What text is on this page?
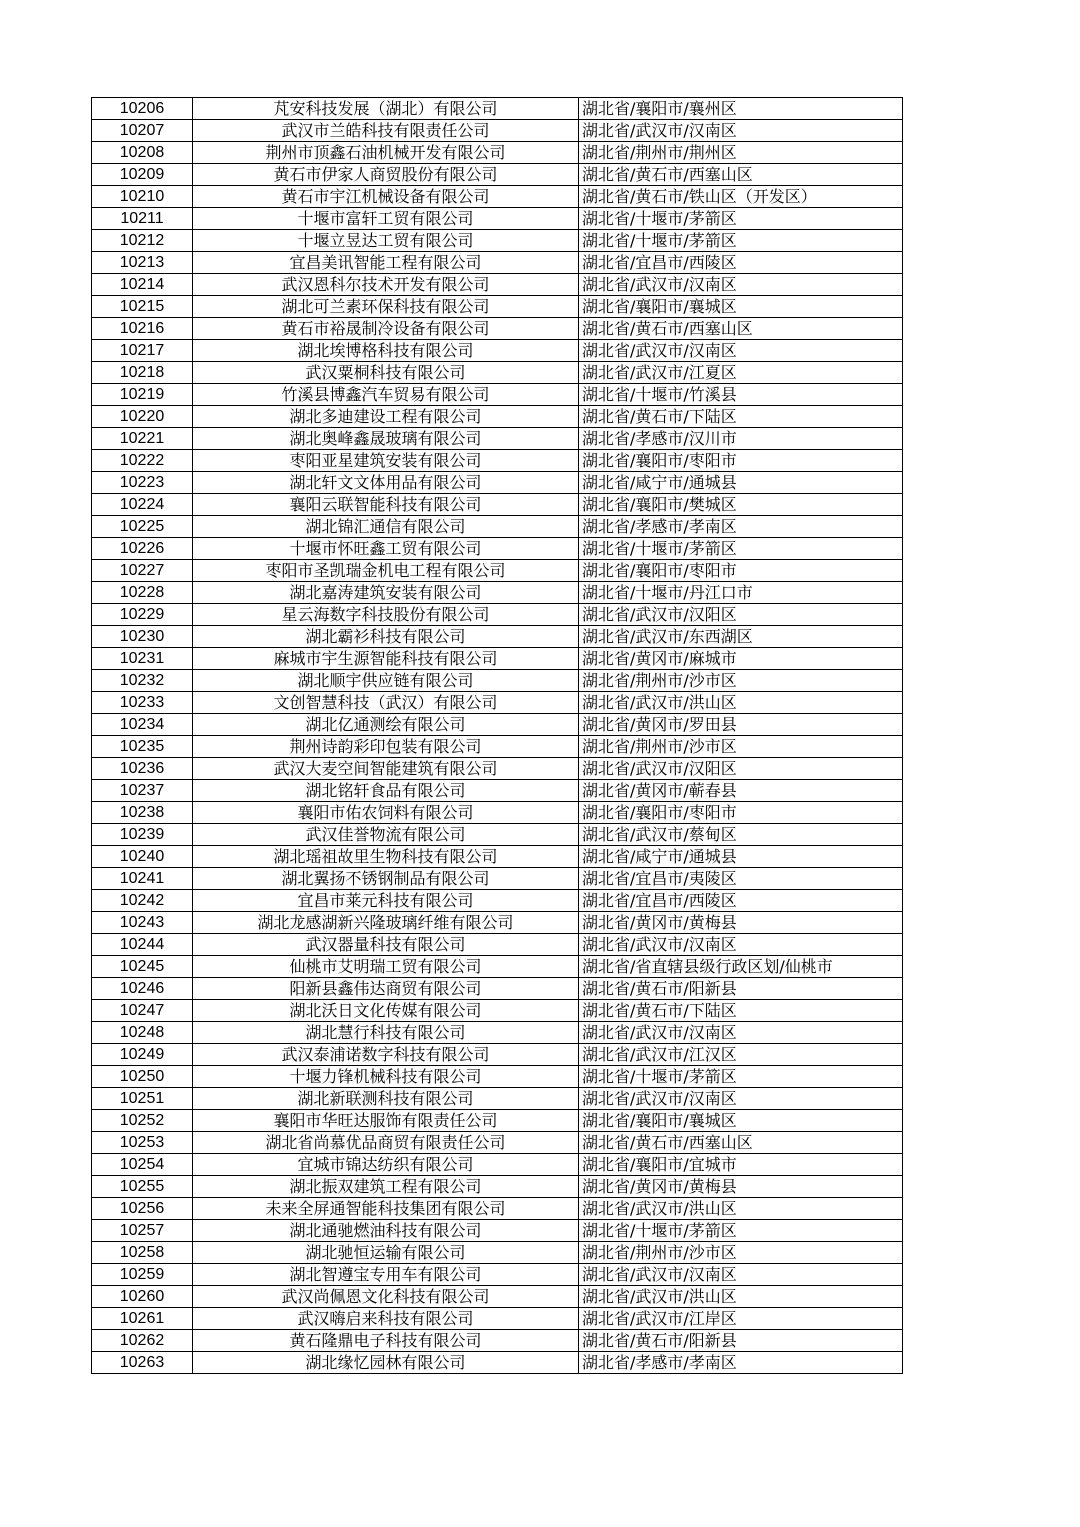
10206	芃安科技发展（湖北）有限公司	湖北省/襄阳市/襄州区
10207	武汉市兰皓科技有限责任公司	湖北省/武汉市/汉南区
10208	荆州市顶鑫石油机械开发有限公司	湖北省/荆州市/荆州区
10209	黄石市伊家人商贸股份有限公司	湖北省/黄石市/西塞山区
10210	黄石市宇江机械设备有限公司	湖北省/黄石市/铁山区（开发区）
10211	十堰市富轩工贸有限公司	湖北省/十堰市/茅箭区
10212	十堰立昱达工贸有限公司	湖北省/十堰市/茅箭区
10213	宜昌美讯智能工程有限公司	湖北省/宜昌市/西陵区
10214	武汉恩科尔技术开发有限公司	湖北省/武汉市/汉南区
10215	湖北可兰素环保科技有限公司	湖北省/襄阳市/襄城区
10216	黄石市裕晟制冷设备有限公司	湖北省/黄石市/西塞山区
10217	湖北埃博格科技有限公司	湖北省/武汉市/汉南区
10218	武汉粟桐科技有限公司	湖北省/武汉市/江夏区
10219	竹溪县博鑫汽车贸易有限公司	湖北省/十堰市/竹溪县
10220	湖北多迪建设工程有限公司	湖北省/黄石市/下陆区
10221	湖北奥峰鑫晟玻璃有限公司	湖北省/孝感市/汉川市
10222	枣阳亚星建筑安装有限公司	湖北省/襄阳市/枣阳市
10223	湖北轩文文体用品有限公司	湖北省/咸宁市/通城县
10224	襄阳云联智能科技有限公司	湖北省/襄阳市/樊城区
10225	湖北锦汇通信有限公司	湖北省/孝感市/孝南区
10226	十堰市怀旺鑫工贸有限公司	湖北省/十堰市/茅箭区
10227	枣阳市圣凯瑞金机电工程有限公司	湖北省/襄阳市/枣阳市
10228	湖北嘉涛建筑安装有限公司	湖北省/十堰市/丹江口市
10229	星云海数字科技股份有限公司	湖北省/武汉市/汉阳区
10230	湖北霸衫科技有限公司	湖北省/武汉市/东西湖区
10231	麻城市宇生源智能科技有限公司	湖北省/黄冈市/麻城市
10232	湖北顺宇供应链有限公司	湖北省/荆州市/沙市区
10233	文创智慧科技（武汉）有限公司	湖北省/武汉市/洪山区
10234	湖北亿通测绘有限公司	湖北省/黄冈市/罗田县
10235	荆州诗韵彩印包装有限公司	湖北省/荆州市/沙市区
10236	武汉大麦空间智能建筑有限公司	湖北省/武汉市/汉阳区
10237	湖北铭轩食品有限公司	湖北省/黄冈市/蕲春县
10238	襄阳市佑农饲料有限公司	湖北省/襄阳市/枣阳市
10239	武汉佳誉物流有限公司	湖北省/武汉市/蔡甸区
10240	湖北瑶祖故里生物科技有限公司	湖北省/咸宁市/通城县
10241	湖北翼扬不锈钢制品有限公司	湖北省/宜昌市/夷陵区
10242	宜昌市莱元科技有限公司	湖北省/宜昌市/西陵区
10243	湖北龙感湖新兴隆玻璃纤维有限公司	湖北省/黄冈市/黄梅县
10244	武汉器量科技有限公司	湖北省/武汉市/汉南区
10245	仙桃市艾明瑞工贸有限公司	湖北省/省直辖县级行政区划/仙桃市
10246	阳新县鑫伟达商贸有限公司	湖北省/黄石市/阳新县
10247	湖北沃日文化传媒有限公司	湖北省/黄石市/下陆区
10248	湖北慧行科技有限公司	湖北省/武汉市/汉南区
10249	武汉泰浦诺数字科技有限公司	湖北省/武汉市/江汉区
10250	十堰力锋机械科技有限公司	湖北省/十堰市/茅箭区
10251	湖北新联测科技有限公司	湖北省/武汉市/汉南区
10252	襄阳市华旺达服饰有限责任公司	湖北省/襄阳市/襄城区
10253	湖北省尚慕优品商贸有限责任公司	湖北省/黄石市/西塞山区
10254	宜城市锦达纺织有限公司	湖北省/襄阳市/宜城市
10255	湖北振双建筑工程有限公司	湖北省/黄冈市/黄梅县
10256	未来全屏通智能科技集团有限公司	湖北省/武汉市/洪山区
10257	湖北通驰燃油科技有限公司	湖北省/十堰市/茅箭区
10258	湖北驰恒运输有限公司	湖北省/荆州市/沙市区
10259	湖北智遵宝专用车有限公司	湖北省/武汉市/汉南区
10260	武汉尚佩恩文化科技有限公司	湖北省/武汉市/洪山区
10261	武汉嗨启来科技有限公司	湖北省/武汉市/江岸区
10262	黄石隆鼎电子科技有限公司	湖北省/黄石市/阳新县
10263	湖北缘忆园林有限公司	湖北省/孝感市/孝南区
